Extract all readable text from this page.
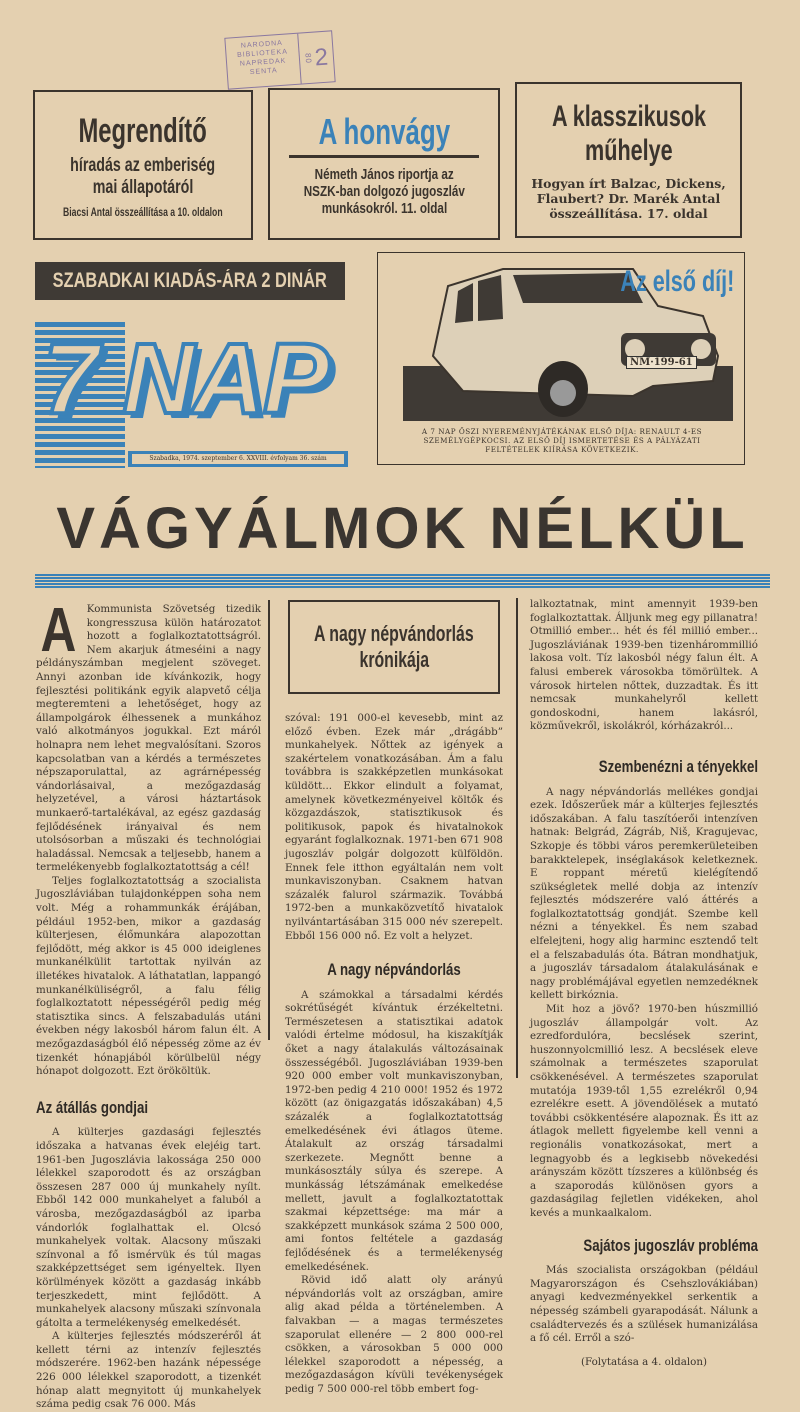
NARODNA
BIBLIOTEKA
NAPREDAK
SENTA
80 2
Megrendítő
híradás az emberiség
mai állapotáról
Biacsi Antal összeállítása a 10. oldalon
A honvágy
Németh János riportja az
NSZK-ban dolgozó jugoszláv
munkásokról. 11. oldal
A klasszikusok
műhelye
Hogyan írt Balzac, Dickens,
Flaubert? Dr. Marék Antal
összeállítása. 17. oldal
SZABADKAI KIADÁS-ÁRA 2 DINÁR
7 NAP
Szabadka, 1974. szeptember 6. XXVIII. évfolyam 36. szám
NM·199-61
Az első díj!
A 7 NAP ŐSZI NYEREMÉNYJÁTÉKÁNAK ELSŐ DÍJA: RENAULT 4-ES SZEMÉLYGÉPKOCSI. AZ ELSŐ DÍJ ISMERTETÉSE ÉS A PÁLYÁZATI FELTÉTELEK KIÍRÁSA KÖVETKEZIK.
VÁGYÁLMOK NÉLKÜL
A	Kommunista Szövetség tizedik kongresszusa külön határozatot hozott a foglalkoztatottságról. Nem akarjuk átmeséini a nagy példányszámban megjelent szöveget. Annyi azonban ide kívánkozik, hogy fejlesztési politikánk egyik alapvető célja megteremteni a lehetőséget, hogy az állampolgárok élhessenek a munkához való alkotmányos jogukkal. Ezt máról holnapra nem lehet megvalósítani. Szoros kapcsolatban van a kérdés a természetes népszaporulattal, az agrárnépesség vándorlásaival, a mezőgazdaság helyzetével, a városi háztartások munkaerő-tartalékával, az egész gazdaság fejlődésének irányaival és nem utolsósorban a műszaki és technológiai haladással. Nemcsak a teljesebb, hanem a termelékenyebb foglalkoztatottság a cél!

Teljes foglalkoztatottság a szocialista Jugoszláviában tulajdonképpen soha nem volt. Még a rohammunkák érájában, például 1952-ben, mikor a gazdaság külterjesen, élőmunkára alapozottan fejlődött, még akkor is 45 000 ideiglenes munkanélkülit tartottak nyilván az illetékes hivatalok. A láthatatlan, lappangó munkanélküliségről, a falu félig foglalkoztatott népességéről pedig még statisztika sincs. A felszabadulás utáni években négy lakosból három falun élt. A mezőgazdaságból élő népesség zöme az év tizenkét hónapjából körülbelül négy hónapot dolgozott. Ezt örököltük.

Az átállás gondjai

A külterjes gazdasági fejlesztés időszaka a hatvanas évek elejéig tart. 1961-ben Jugoszlávia lakossága 250 000 lélekkel szaporodott és az országban összesen 287 000 új munkahely nyílt. Ebből 142 000 munkahelyet a faluból a városba, mezőgazdaságból az iparba vándorlók foglalhattak el. Olcsó munkahelyek voltak. Alacsony műszaki színvonal a fő ismérvük és túl magas szakképzettséget sem igényeltek. Ilyen körülmények között a gazdaság inkább terjeszkedett, mint fejlődött. A munkahelyek alacsony műszaki színvonala gátolta a termelékenység emelkedését.

A külterjes fejlesztés módszeréről át kellett térni az intenzív fejlesztés módszerére. 1962-ben hazánk népessége 226 000 lélekkel szaporodott, a tizenkét hónap alatt megnyitott új munkahelyek száma pedig csak 76 000. Más

A nagy népvándorlás
krónikája

szóval: 191 000-el kevesebb, mint az előző évben. Ezek már „drágább” munkahelyek. Nőttek az igények a szakértelem vonatkozásában. Ám a falu továbbra is szakképzetlen munkásokat küldött... Ekkor elindult a folyamat, amelynek következményeivel költők és közgazdászok, statisztikusok és politikusok, papok és hivatalnokok egyaránt foglalkoznak. 1971-ben 671 908 jugoszláv polgár dolgozott külföldön. Ennek fele itthon egyáltalán nem volt munkaviszonyban. Csaknem hatvan százalék falurol származik. Továbbá 1972-ben a munkaközvetítő hivatalok nyilvántartásában 315 000 név szerepelt. Ebből 156 000 nő. Ez volt a helyzet.

A nagy népvándorlás

A számokkal a társadalmi kérdés sokrétűségét kívántuk érzékeltetni. Természetesen a statisztikai adatok valódi értelme módosul, ha kiszakítják őket a nagy átalakulás változásainak összességéből. Jugoszláviában 1939-ben 920 000 ember volt munkaviszonyban, 1972-ben pedig 4 210 000! 1952 és 1972 között (az önigazgatás időszakában) 4,5 százalék a foglalkoztatottság emelkedésének évi átlagos üteme. Átalakult az ország társadalmi szerkezete. Megnőtt benne a munkásosztály súlya és szerepe. A munkásság létszámának emelkedése mellett, javult a foglalkoztatottak szakmai képzettsége: ma már a szakképzett munkások száma 2 500 000, ami fontos feltétele a gazdaság fejlődésének és a termelékenység emelkedésének.

Rövid idő alatt oly arányú népvándorlás volt az országban, amire alig akad példa a történelemben. A falvakban — a magas természetes szaporulat ellenére — 2 800 000-rel csökken, a városokban 5 000 000 lélekkel szaporodott a népesség, a mezőgazdaságon kívüli tevékenységek pedig 7 500 000-rel több embert fog-

lalkoztatnak, mint amennyit 1939-ben foglalkoztattak. Álljunk meg egy pillanatra! Otmillió ember... hét és fél millió ember... Jugoszláviának 1939-ben tizenhárommillió lakosa volt. Tíz lakosból négy falun élt. A falusi emberek városokba tömörültek. A városok hirtelen nőttek, duzzadtak. És itt nemcsak munkahelyről kellett gondoskodni, hanem lakásról, közművekről, iskolákról, kórházakról...

Szembenézni a tényekkel

A nagy népvándorlás mellékes gondjai ezek. Időszerűek már a külterjes fejlesztés időszakában. A falu taszítóerői intenzíven hatnak: Belgrád, Zágráb, Niš, Kragujevac, Szkopje és többi város peremkerületeiben barakktelepek, inséglakások keletkeznek. E roppant méretű kielégítendő szükségletek mellé dobja az intenzív fejlesztés módszerére való áttérés a foglalkoztatottság gondját. Szembe kell nézni a tényekkel. És nem szabad elfelejteni, hogy alig harminc esztendő telt el a felszabadulás óta. Bátran mondhatjuk, a jugoszláv társadalom átalakulásának e nagy problémájával egyetlen nemzedéknek kellett birkóznia.

Mit hoz a jövő? 1970-ben húszmillió jugoszláv állampolgár volt. Az ezredfordulóra, becslések szerint, huszonnyolcmillió lesz. A becslések eleve számolnak a természetes szaporulat csökkenésével. A természetes szaporulat mutatója 1939-től 1,55 ezrelékről 0,94 ezrelékre esett. A jövendölések a mutató további csökkentésére alapoznak. És itt az átlagok mellett figyelembe kell venni a regionális vonatkozásokat, mert a legnagyobb és a legkisebb növekedési arányszám között tízszeres a különbség és a szaporodás különösen gyors a gazdaságilag fejletlen vidékeken, ahol kevés a munkaalkalom.

Sajátos jugoszláv probléma

Más szocialista országokban (például Magyarországon és Csehszlovákiában) anyagi kedvezményekkel serkentik a népesség számbeli gyarapodását. Nálunk a családtervezés és a szülések humanizálása a fő cél. Erről a szó-

(Folytatása a 4. oldalon)
